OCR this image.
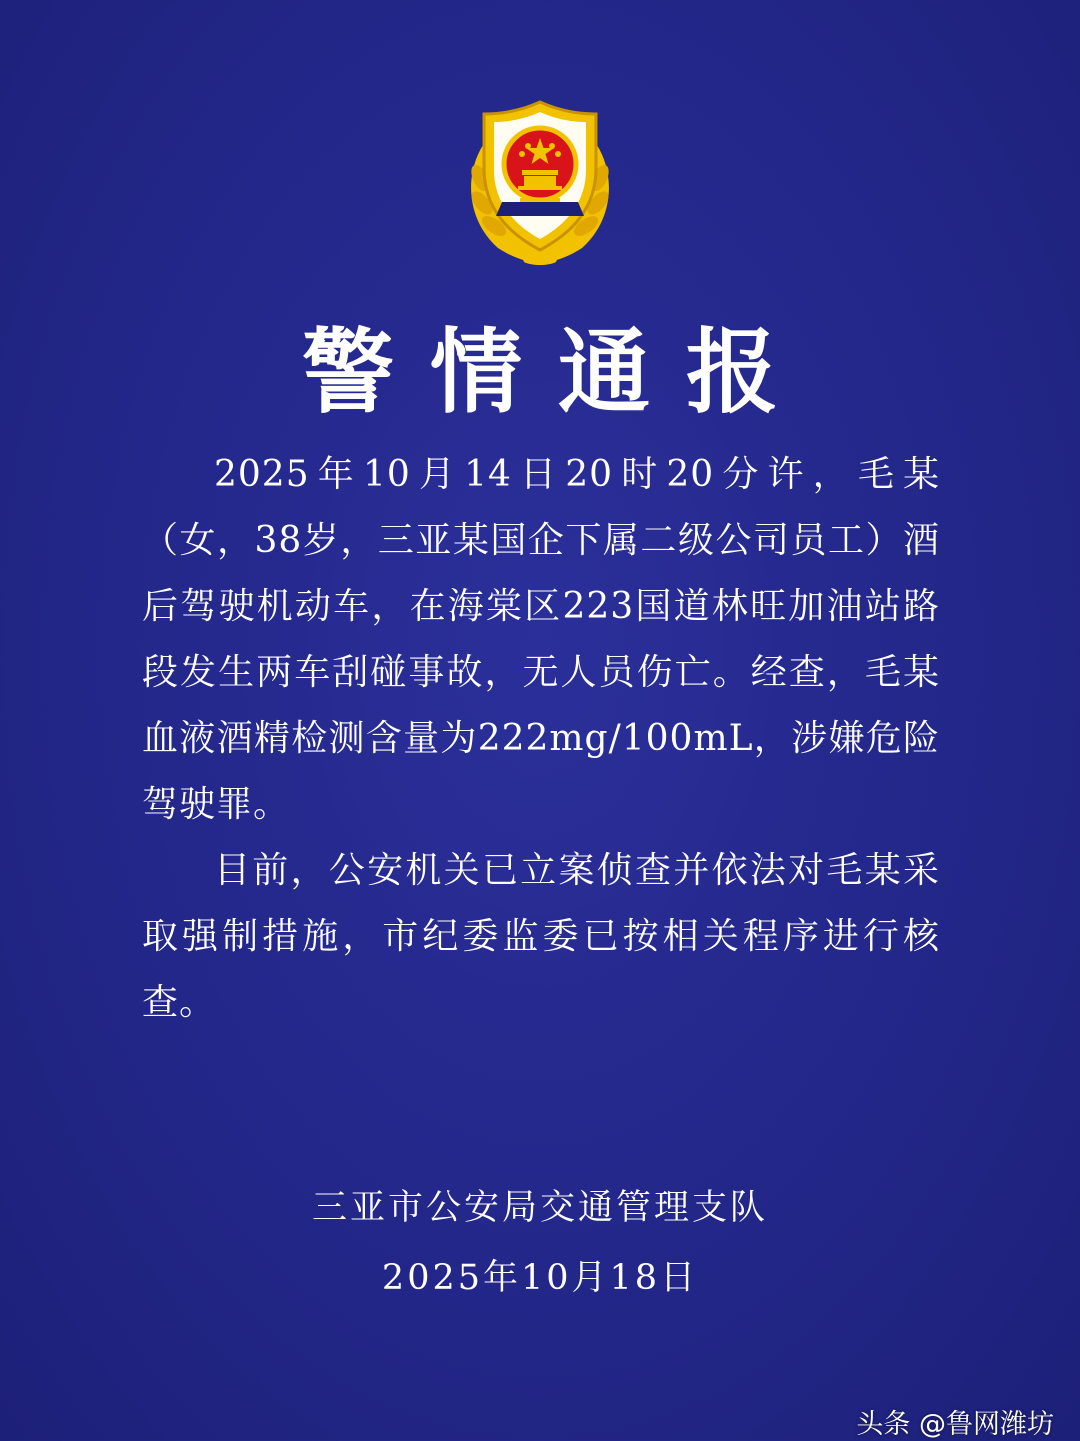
警情通报

2025年10月14日20时20分许，毛某（女，38岁，三亚某国企下属二级公司员工）酒后驾驶机动车，在海棠区223国道林旺加油站路段发生两车刮碰事故，无人员伤亡。经查，毛某血液酒精检测含量为222mg/100mL，涉嫌危险驾驶罪。

目前，公安机关已立案侦查并依法对毛某采取强制措施，市纪委监委已按相关程序进行核查。

三亚市公安局交通管理支队
2025年10月18日
头条 @鲁网潍坊
